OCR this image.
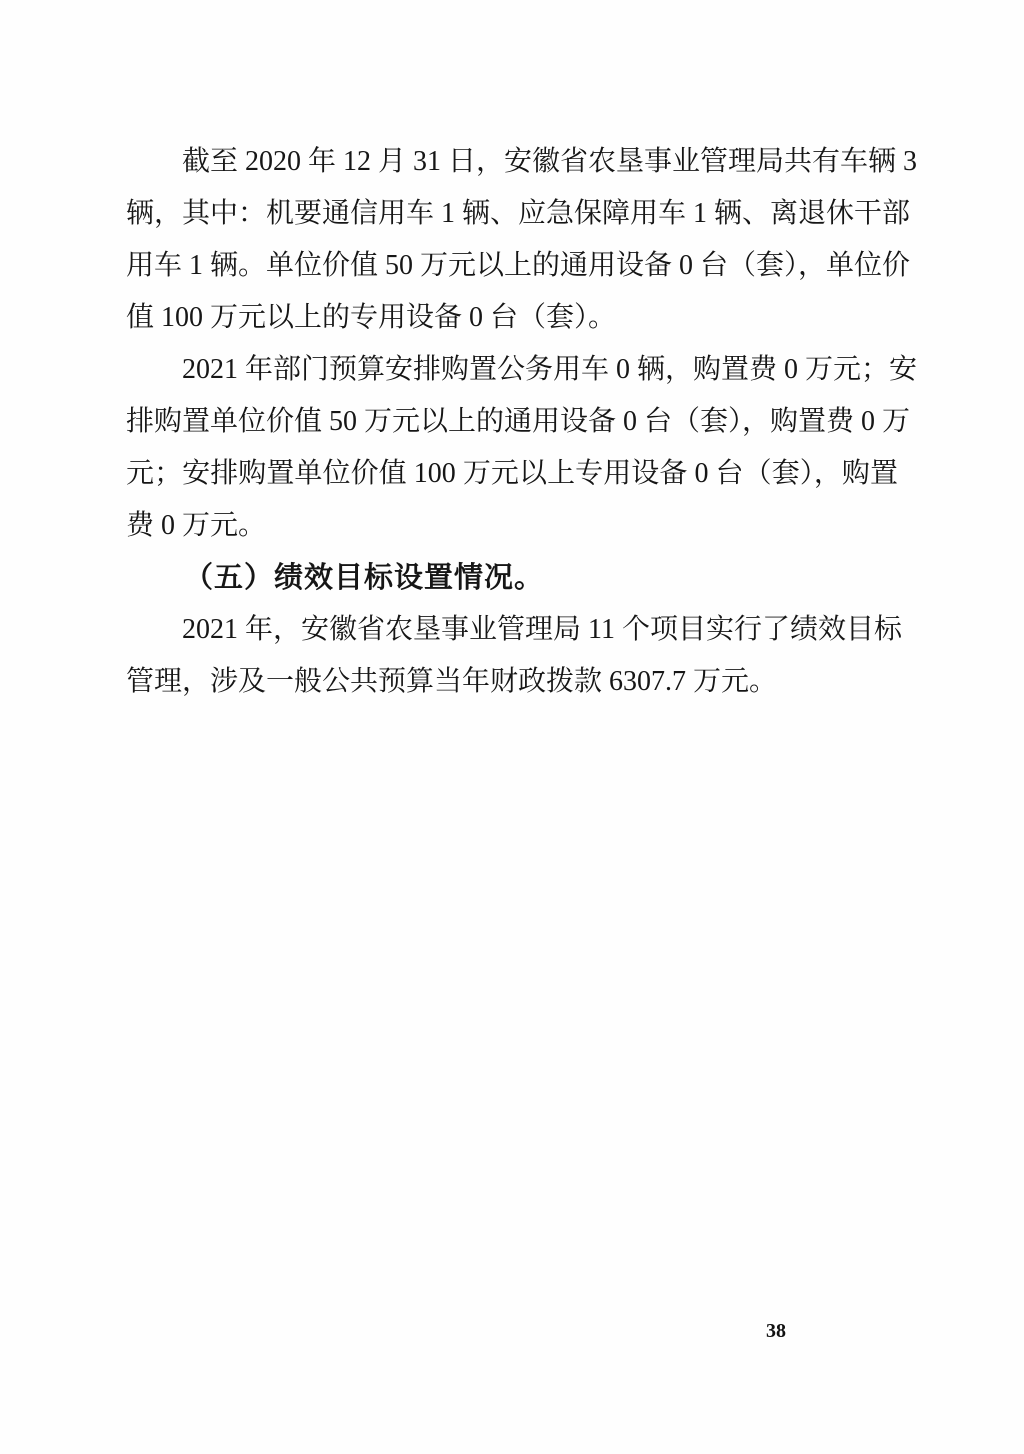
截至 2020 年 12 月 31 日，安徽省农垦事业管理局共有车辆 3
辆，其中：机要通信用车 1 辆、应急保障用车 1 辆、离退休干部
用车 1 辆。单位价值 50 万元以上的通用设备 0 台（套），单位价
值 100 万元以上的专用设备 0 台（套）。
2021 年部门预算安排购置公务用车 0 辆，购置费 0 万元；安
排购置单位价值 50 万元以上的通用设备 0 台（套），购置费 0 万
元；安排购置单位价值 100 万元以上专用设备 0 台（套），购置
费 0 万元。
（五）绩效目标设置情况。
2021 年，安徽省农垦事业管理局 11 个项目实行了绩效目标
管理，涉及一般公共预算当年财政拨款 6307.7 万元。
38
